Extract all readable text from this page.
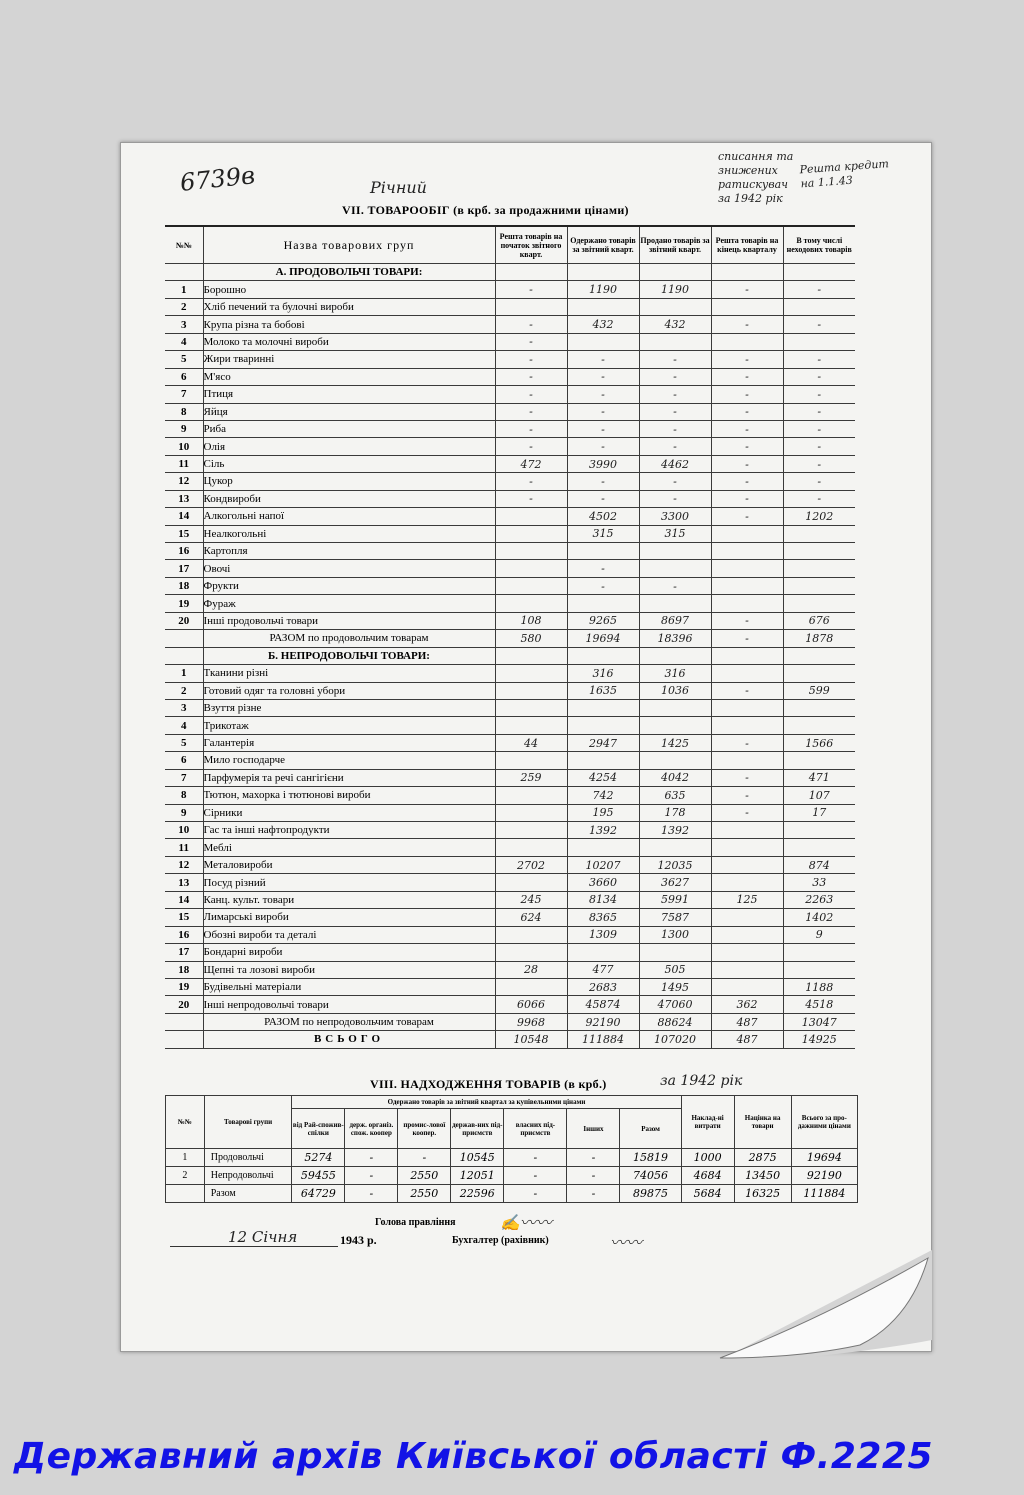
6739в	Річний
списання та знижених ратискувач за 1942 рік
Решта кредит на 1.1.43
VII. ТОВАРООБІГ (в крб. за продажними цінами)
№№	Назва товарових груп	Решта товарів на початок звітного кварт.	Одержано товарів за звітний кварт.	Продано товарів за звітний кварт.	Решта товарів на кінець кварталу	В тому числі неходових товарів
	А. ПРОДОВОЛЬЧІ ТОВАРИ:					
1	Борошно	-	1190	1190	-	-
2	Хліб печений та булочні вироби					
3	Крупа різна та бобові	-	432	432	-	-
4	Молоко та молочні вироби	-				
5	Жири тваринні	-	-	-	-	-
6	М'ясо	-	-	-	-	-
7	Птиця	-	-	-	-	-
8	Яйця	-	-	-	-	-
9	Риба	-	-	-	-	-
10	Олія	-	-	-	-	-
11	Сіль	472	3990	4462	-	-
12	Цукор	-	-	-	-	-
13	Кондвироби	-	-	-	-	-
14	Алкогольні напої		4502	3300	-	1202
15	Неалкогольні		315	315		
16	Картопля					
17	Овочі		-			
18	Фрукти		-	-		
19	Фураж					
20	Інші продовольчі товари	108	9265	8697	-	676
	РАЗОМ по продовольчим товарам	580	19694	18396	-	1878
	Б. НЕПРОДОВОЛЬЧІ ТОВАРИ:					
1	Тканини різні		316	316		
2	Готовий одяг та головні убори		1635	1036	-	599
3	Взуття різне					
4	Трикотаж					
5	Галантерія	44	2947	1425	-	1566
6	Мило господарче					
7	Парфумерія та речі сангігієни	259	4254	4042	-	471
8	Тютюн, махорка і тютюнові вироби		742	635	-	107
9	Сірники		195	178	-	17
10	Гас та інші нафтопродукти		1392	1392		
11	Меблі					
12	Металовироби	2702	10207	12035		874
13	Посуд різний		3660	3627		33
14	Канц. культ. товари	245	8134	5991	125	2263
15	Лимарські вироби	624	8365	7587		1402
16	Обозні вироби та деталі		1309	1300		9
17	Бондарні вироби					
18	Щепні та лозові вироби	28	477	505		
19	Будівельні матеріали		2683	1495		1188
20	Інші непродовольчі товари	6066	45874	47060	362	4518
	РАЗОМ по непродовольчим товарам	9968	92190	88624	487	13047
	ВСЬОГО	10548	111884	107020	487	14925
VIII. НАДХОДЖЕННЯ ТОВАРІВ (в крб.)	за 1942 рік
№№	Товарові групи	Одержано товарів за звітний квартал за купівельними цінами							Наклад-ні витрати	Націнка на товари	Всього за про-дажними цінами
		від Рай-спожив-спілки	держ. організ. спож. коопер	промис-лової коопер.	держав-них під-приємств	власних під-приємств	Інших	Разом			
1	Продовольчі	5274	-	-	10545	-	-	15819	1000	2875	19694
2	Непродовольчі	59455	-	2550	12051	-	-	74056	4684	13450	92190
	Разом	64729	-	2550	22596	-	-	89875	5684	16325	111884
12 Січня	1943 р.
Голова правління
Бухгалтер (рахівник)
✍〰〰
〰〰
Державний архів Київської області Ф.2225
